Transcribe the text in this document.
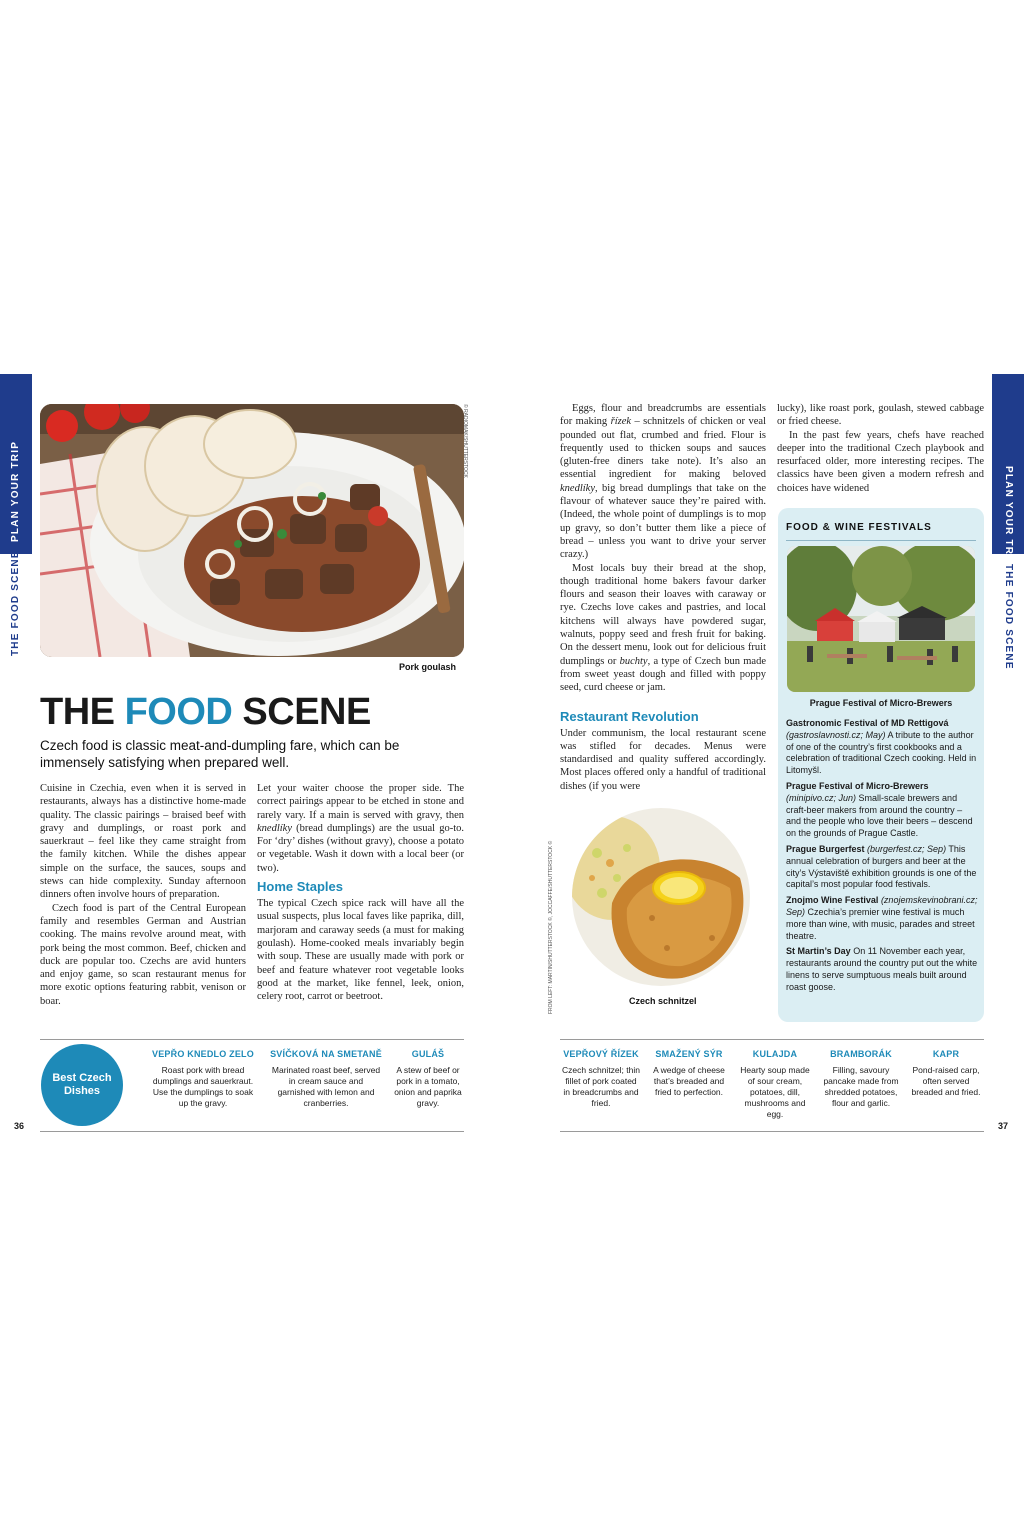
PLAN YOUR TRIP
THE FOOD SCENE
PLAN YOUR TRIP
THE FOOD SCENE
© RADIOMAK/SHUTTERSTOCK
Pork goulash
THE FOOD SCENE
Czech food is classic meat-and-dumpling fare, which can be immensely satisfying when prepared well.

Cuisine in Czechia, even when it is served in restaurants, always has a distinctive home-made quality. The classic pairings – braised beef with gravy and dumplings, or roast pork and sauerkraut – feel like they came straight from the family kitchen. While the dishes appear simple on the surface, the sauces, soups and stews can hide complexity. Sunday afternoon dinners often involve hours of preparation.

Czech food is part of the Central European family and resembles German and Austrian cooking. The mains revolve around meat, with pork being the most common. Beef, chicken and duck are popular too. Czechs are avid hunters and enjoy game, so scan restaurant menus for more exotic options featuring rabbit, venison or boar.

Let your waiter choose the proper side. The correct pairings appear to be etched in stone and rarely vary. If a main is served with gravy, then knedlíky (bread dumplings) are the usual go-to. For ‘dry’ dishes (without gravy), choose a potato or vegetable. Wash it down with a local beer (or two).

Home Staples

The typical Czech spice rack will have all the usual suspects, plus local faves like paprika, dill, marjoram and caraway seeds (a must for making goulash). Home-cooked meals invariably begin with soup. These are usually made with pork or beef and feature whatever root vegetable looks good at the market, like fennel, leek, onion, celery root, carrot or beetroot.

Eggs, flour and breadcrumbs are essentials for making řízek – schnitzels of chicken or veal pounded out flat, crumbed and fried. Flour is frequently used to thicken soups and sauces (gluten-free diners take note). It’s also an essential ingredient for making beloved knedlíky, big bread dumplings that take on the flavour of whatever sauce they’re paired with. (Indeed, the whole point of dumplings is to mop up gravy, so don’t butter them like a piece of bread – unless you want to drive your server crazy.)

Most locals buy their bread at the shop, though traditional home bakers favour darker flours and season their loaves with caraway or rye. Czechs love cakes and pastries, and local kitchens will always have powdered sugar, walnuts, poppy seed and fresh fruit for baking. On the dessert menu, look out for delicious fruit dumplings or buchty, a type of Czech bun made from sweet yeast dough and filled with poppy seed, curd cheese or jam.

Restaurant Revolution

Under communism, the local restaurant scene was stifled for decades. Menus were standardised and quality suffered accordingly. Most places offered only a handful of traditional dishes (if you were

lucky), like roast pork, goulash, stewed cabbage or fried cheese.

In the past few years, chefs have reached deeper into the traditional Czech playbook and resurfaced older, more interesting recipes. The classics have been given a modern refresh and choices have widened

FROM LEFT: MARTIN/SHUTTERSTOCK ©, JOCCAFFE/SHUTTERSTOCK ©	Czech schnitzel
FOOD & WINE FESTIVALS
Prague Festival of Micro-Brewers

Gastronomic Festival of MD Rettigová
(gastroslavnosti.cz; May) A tribute to the author of one of the country’s first cookbooks and a celebration of traditional Czech cooking. Held in Litomyšl.

Prague Festival of Micro-Brewers
(minipivo.cz; Jun) Small-scale brewers and craft-beer makers from around the country – and the people who love their beers – descend on the grounds of Prague Castle.

Prague Burgerfest (burgerfest.cz; Sep) This annual celebration of burgers and beer at the city’s Výstaviště exhibition grounds is one of the capital’s most popular food festivals.

Znojmo Wine Festival (znojemskevinobrani.cz; Sep) Czechia’s premier wine festival is much more than wine, with music, parades and street theatre.

St Martin’s Day On 11 November each year, restaurants around the country put out the white linens to serve sumptuous meals built around roast goose.

Best Czech Dishes
VEPŘO KNEDLO ZELO
Roast pork with bread dumplings and sauerkraut. Use the dumplings to soak up the gravy.
SVÍČKOVÁ NA SMETANĚ
Marinated roast beef, served in cream sauce and garnished with lemon and cranberries.
GULÁŠ
A stew of beef or pork in a tomato, onion and paprika gravy.
VEPŘOVÝ ŘÍZEK
Czech schnitzel; thin fillet of pork coated in breadcrumbs and fried.
SMAŽENÝ SÝR
A wedge of cheese that’s breaded and fried to perfection.
KULAJDA
Hearty soup made of sour cream, potatoes, dill, mushrooms and egg.
BRAMBORÁK
Filling, savoury pancake made from shredded potatoes, flour and garlic.
KAPR
Pond-raised carp, often served breaded and fried.
36	37
